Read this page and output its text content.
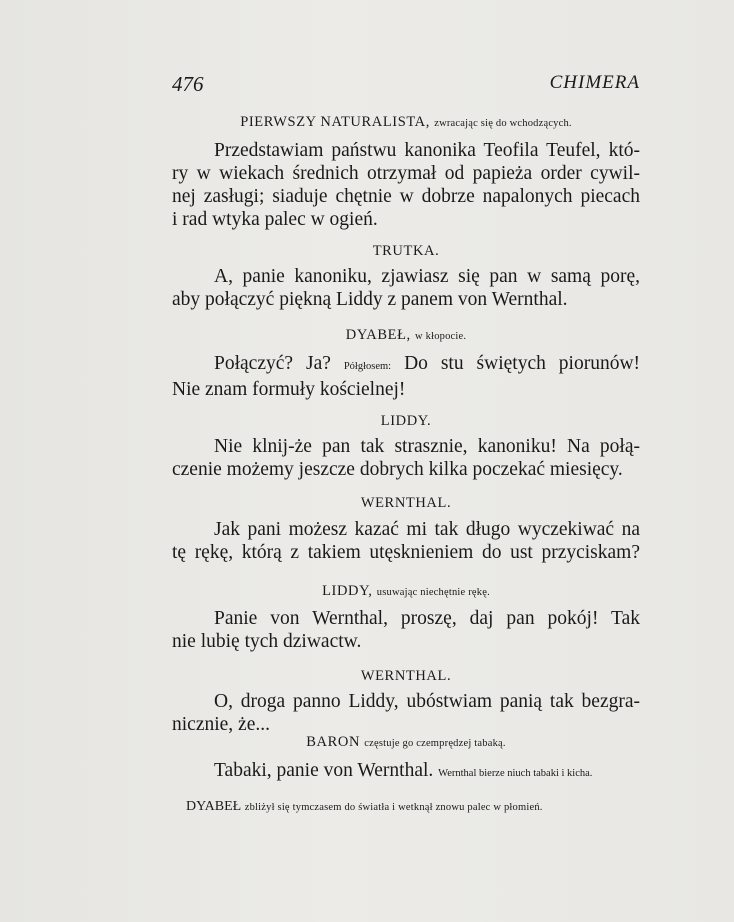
476	CHIMERA
PIERWSZY NATURALISTA, zwracając się do wchodzących.
Przedstawiam państwu kanonika Teofila Teufel, któ-
ry w wiekach średnich otrzymał od papieża order cywil-
nej zasługi; siaduje chętnie w dobrze napalonych piecach
i rad wtyka palec w ogień.
TRUTKA.
A, panie kanoniku, zjawiasz się pan w samą porę,
aby połączyć piękną Liddy z panem von Wernthal.
DYABEŁ, w kłopocie.
Połączyć? Ja? Półgłosem: Do stu świętych piorunów!
Nie znam formuły kościelnej!
LIDDY.
Nie klnij-że pan tak strasznie, kanoniku! Na połą-
czenie możemy jeszcze dobrych kilka poczekać miesięcy.
WERNTHAL.
Jak pani możesz kazać mi tak długo wyczekiwać na
tę rękę, którą z takiem utęsknieniem do ust przyciskam?
LIDDY, usuwając niechętnie rękę.
Panie von Wernthal, proszę, daj pan pokój! Tak
nie lubię tych dziwactw.
WERNTHAL.
O, droga panno Liddy, ubóstwiam panią tak bezgra-
nicznie, że...
BARON częstuje go czemprędzej tabaką.
Tabaki, panie von Wernthal. Wernthal bierze niuch tabaki i kicha.
DYABEŁ zbliżył się tymczasem do światła i wetknął znowu palec w płomień.
